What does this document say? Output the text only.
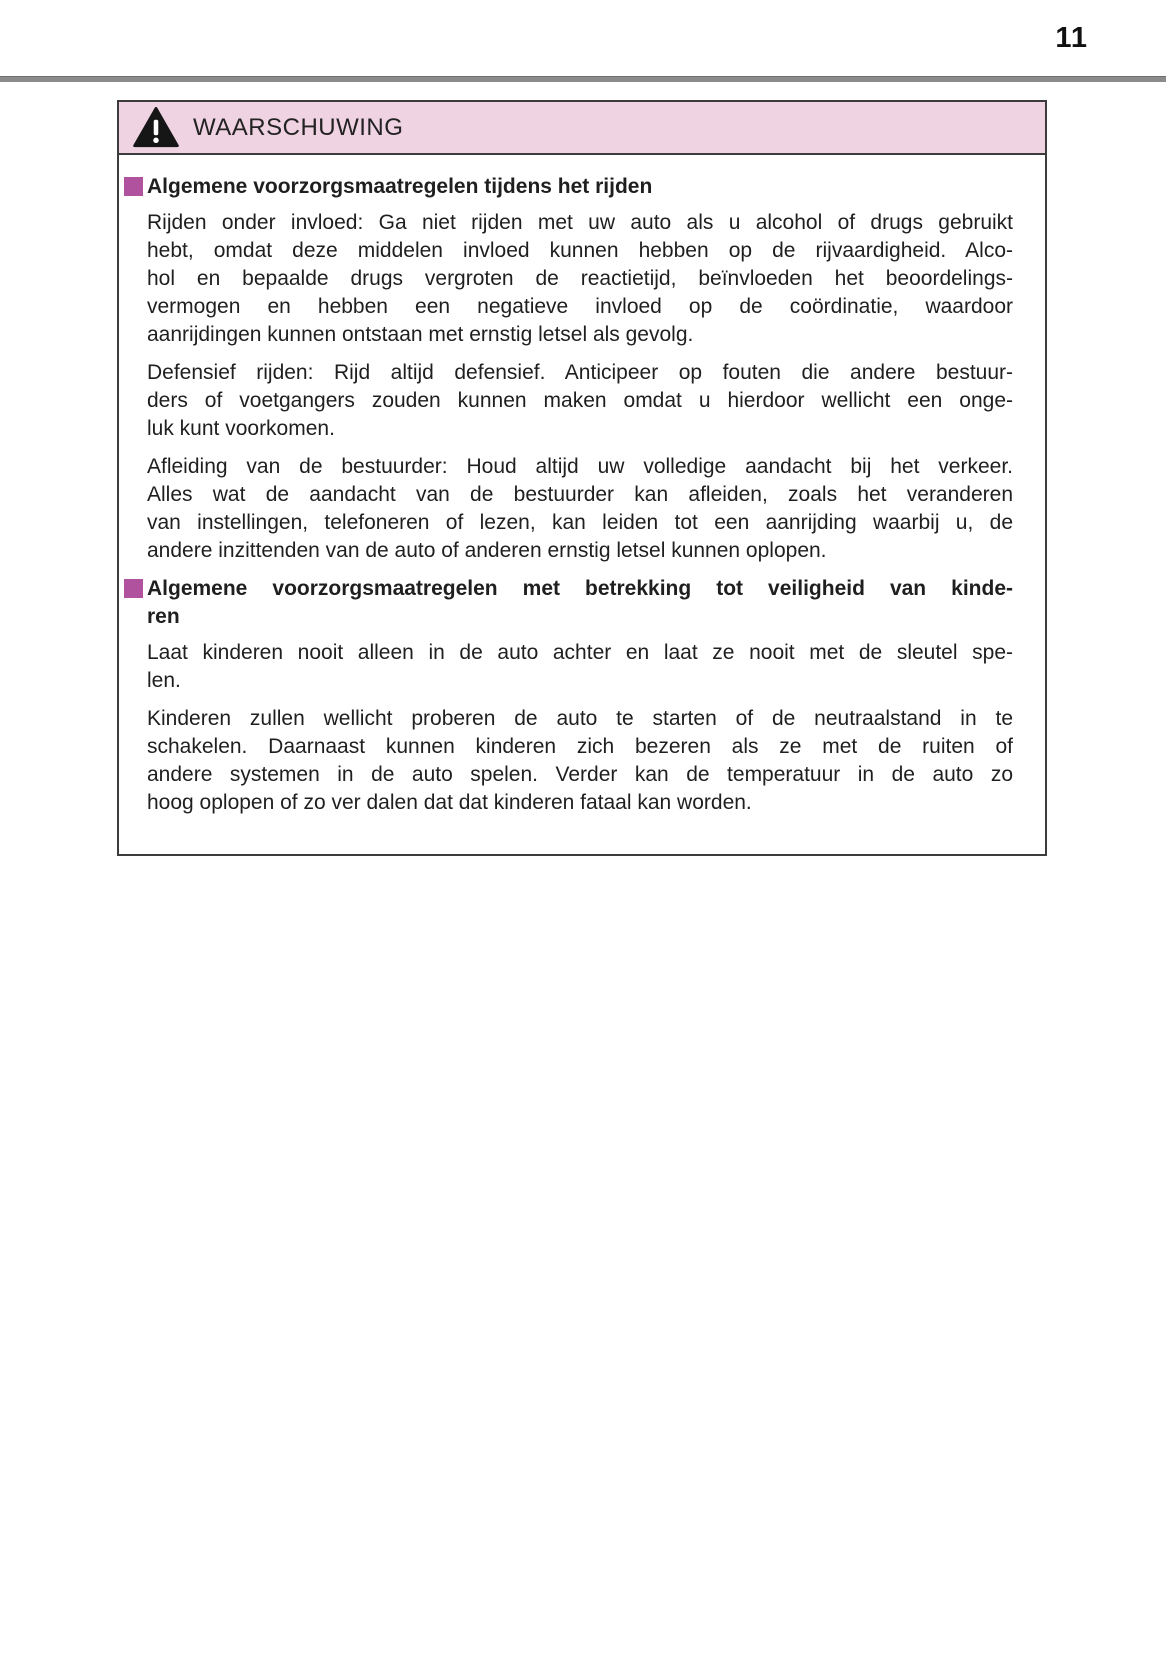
11
WAARSCHUWING
Algemene voorzorgsmaatregelen tijdens het rijden
Rijden onder invloed: Ga niet rijden met uw auto als u alcohol of drugs gebruikt
hebt, omdat deze middelen invloed kunnen hebben op de rijvaardigheid. Alco-
hol en bepaalde drugs vergroten de reactietijd, beïnvloeden het beoordelings-
vermogen en hebben een negatieve invloed op de coördinatie, waardoor
aanrijdingen kunnen ontstaan met ernstig letsel als gevolg.
Defensief rijden: Rijd altijd defensief. Anticipeer op fouten die andere bestuur-
ders of voetgangers zouden kunnen maken omdat u hierdoor wellicht een onge-
luk kunt voorkomen.
Afleiding van de bestuurder: Houd altijd uw volledige aandacht bij het verkeer.
Alles wat de aandacht van de bestuurder kan afleiden, zoals het veranderen
van instellingen, telefoneren of lezen, kan leiden tot een aanrijding waarbij u, de
andere inzittenden van de auto of anderen ernstig letsel kunnen oplopen.
Algemene voorzorgsmaatregelen met betrekking tot veiligheid van kinde-
ren
Laat kinderen nooit alleen in de auto achter en laat ze nooit met de sleutel spe-
len.
Kinderen zullen wellicht proberen de auto te starten of de neutraalstand in te
schakelen. Daarnaast kunnen kinderen zich bezeren als ze met de ruiten of
andere systemen in de auto spelen. Verder kan de temperatuur in de auto zo
hoog oplopen of zo ver dalen dat dat kinderen fataal kan worden.
